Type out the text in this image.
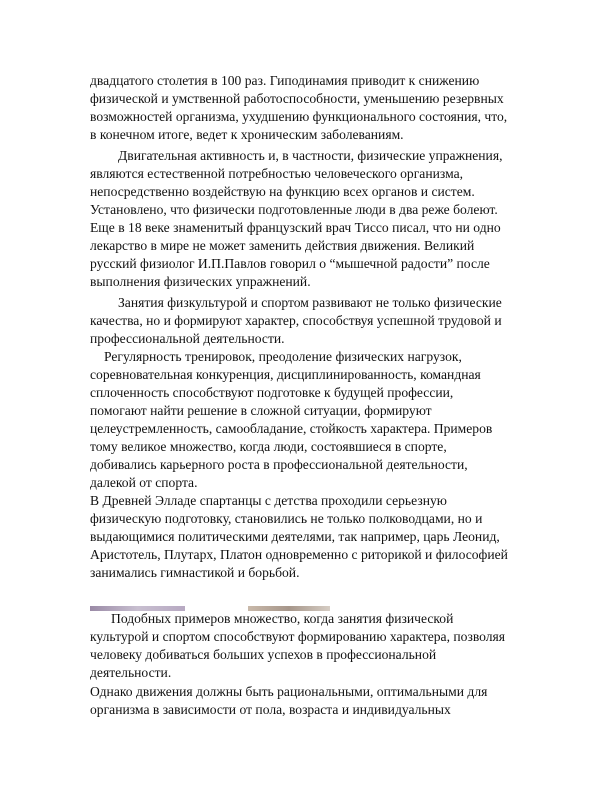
двадцатого столетия в 100 раз. Гиподинамия приводит к снижению
физической и умственной работоспособности, уменьшению резервных
возможностей организма, ухудшению функционального состояния, что,
в конечном итоге, ведет к хроническим заболеваниям.
Двигательная активность и, в частности, физические упражнения,
являются естественной потребностью человеческого организма,
непосредственно воздействую на функцию всех органов и систем.
Установлено, что физически подготовленные люди в два реже болеют.
Еще в 18 веке знаменитый французский врач Тиссо писал, что ни одно
лекарство в мире не может заменить действия движения. Великий
русский физиолог И.П.Павлов говорил о “мышечной радости” после
выполнения физических упражнений.
Занятия физкультурой и спортом развивают не только физические
качества, но и формируют характер, способствуя успешной трудовой и
профессиональной деятельности.
Регулярность тренировок, преодоление физических нагрузок,
соревновательная конкуренция, дисциплинированность, командная
сплоченность способствуют подготовке к будущей профессии,
помогают найти решение в сложной ситуации, формируют
целеустремленность, самообладание, стойкость характера. Примеров
тому великое множество, когда люди, состоявшиеся в спорте,
добивались карьерного роста в профессиональной деятельности,
далекой от спорта.
В Древней Элладе спартанцы с детства проходили серьезную
физическую подготовку, становились не только полководцами, но и
выдающимися политическими деятелями, так например, царь Леонид,
Аристотель, Плутарх, Платон одновременно с риторикой и философией
занимались гимнастикой и борьбой.
Подобных примеров множество, когда занятия физической
культурой и спортом способствуют формированию характера, позволяя
человеку добиваться больших успехов в профессиональной
деятельности.
Однако движения должны быть рациональными, оптимальными для
организма в зависимости от пола, возраста и индивидуальных
